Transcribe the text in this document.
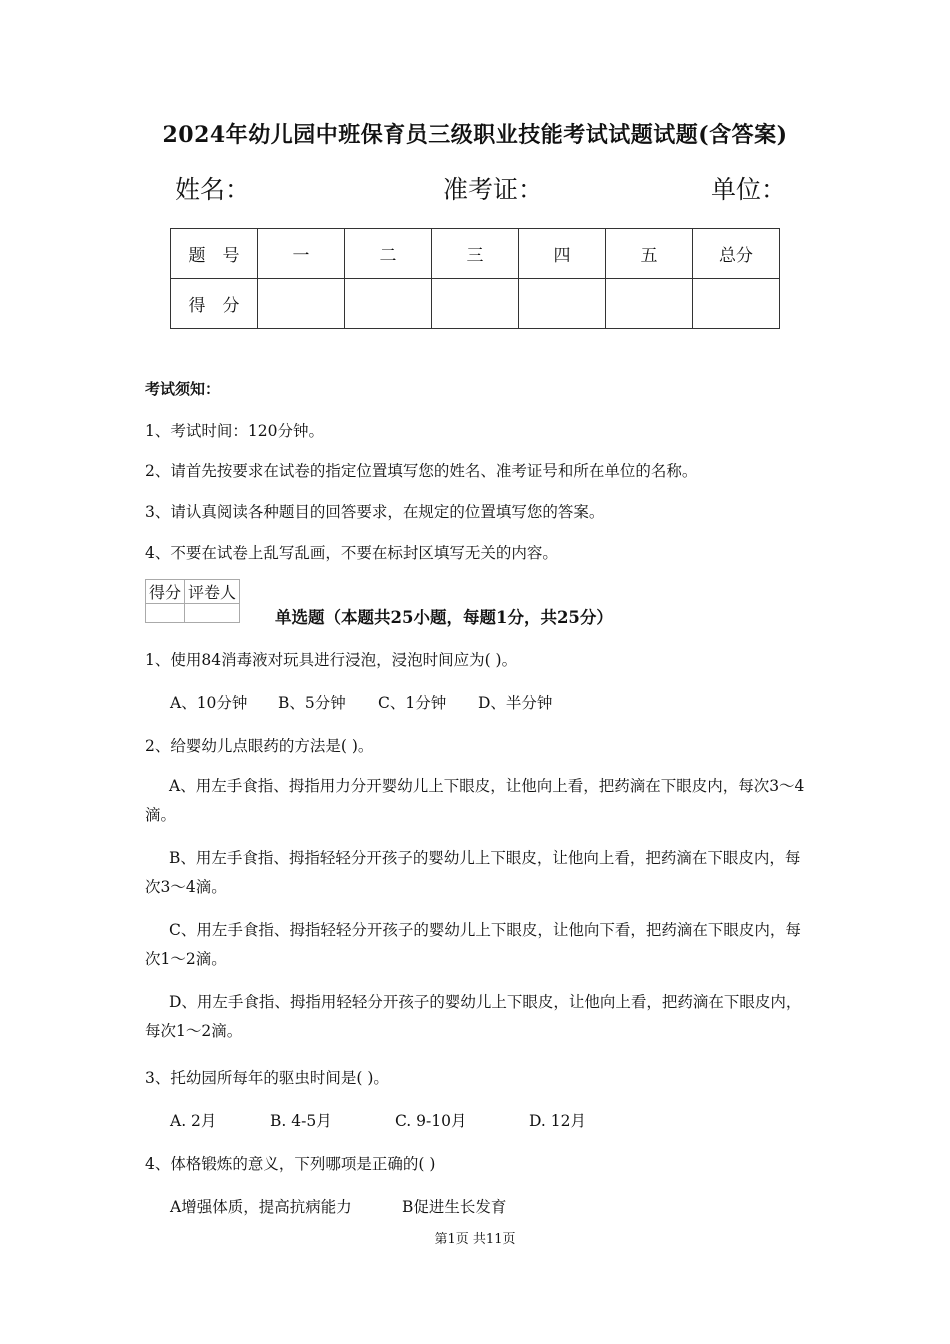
2024年幼儿园中班保育员三级职业技能考试试题试题(含答案)
姓名：	准考证：	单位：
题　号	一	二	三	四	五	总分
得　分						
考试须知：
1、考试时间：120分钟。
2、请首先按要求在试卷的指定位置填写您的姓名、准考证号和所在单位的名称。
3、请认真阅读各种题目的回答要求，在规定的位置填写您的答案。
4、不要在试卷上乱写乱画，不要在标封区填写无关的内容。
得分	评卷人

单选题（本题共25小题，每题1分，共25分）
1、使用84消毒液对玩具进行浸泡，浸泡时间应为( )。
A、10分钟 B、5分钟 C、1分钟 D、半分钟
2、给婴幼儿点眼药的方法是( )。
A、用左手食指、拇指用力分开婴幼儿上下眼皮，让他向上看，把药滴在下眼皮内，每次3～4滴。
B、用左手食指、拇指轻轻分开孩子的婴幼儿上下眼皮，让他向上看，把药滴在下眼皮内，每次3～4滴。
C、用左手食指、拇指轻轻分开孩子的婴幼儿上下眼皮，让他向下看，把药滴在下眼皮内，每次1～2滴。
D、用左手食指、拇指用轻轻分开孩子的婴幼儿上下眼皮，让他向上看，把药滴在下眼皮内，每次1～2滴。
3、托幼园所每年的驱虫时间是( )。
A. 2月	B. 4-5月	C. 9-10月	D. 12月
4、体格锻炼的意义，下列哪项是正确的( )
A增强体质，提高抗病能力	B促进生长发育
第1页 共11页
